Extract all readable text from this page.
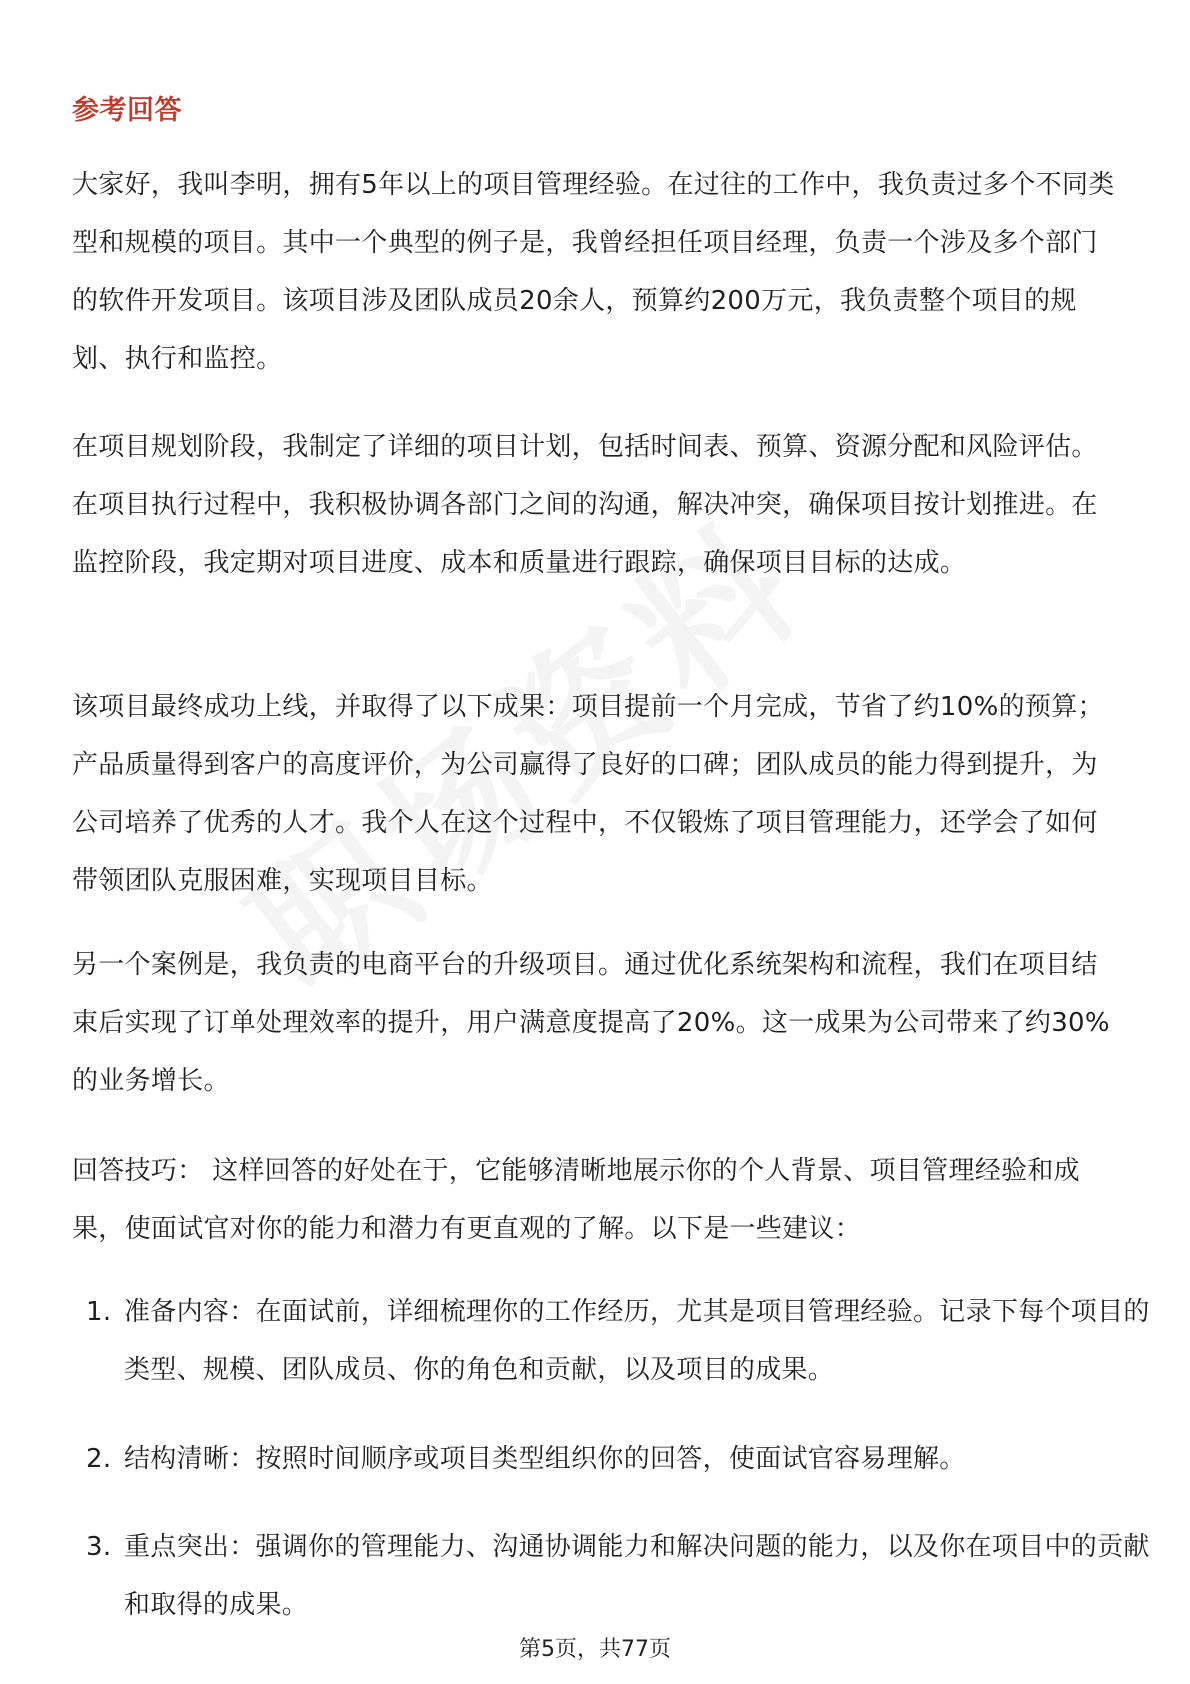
参考回答

大家好，我叫李明，拥有5年以上的项目管理经验。在过往的工作中，我负责过多个不同类型和规模的项目。其中一个典型的例子是，我曾经担任项目经理，负责一个涉及多个部门的软件开发项目。该项目涉及团队成员20余人，预算约200万元，我负责整个项目的规划、执行和监控。

在项目规划阶段，我制定了详细的项目计划，包括时间表、预算、资源分配和风险评估。在项目执行过程中，我积极协调各部门之间的沟通，解决冲突，确保项目按计划推进。在监控阶段，我定期对项目进度、成本和质量进行跟踪，确保项目目标的达成。

该项目最终成功上线，并取得了以下成果：项目提前一个月完成，节省了约10%的预算；产品质量得到客户的高度评价，为公司赢得了良好的口碑；团队成员的能力得到提升，为公司培养了优秀的人才。我个人在这个过程中，不仅锻炼了项目管理能力，还学会了如何带领团队克服困难，实现项目目标。

另一个案例是，我负责的电商平台的升级项目。通过优化系统架构和流程，我们在项目结束后实现了订单处理效率的提升，用户满意度提高了20%。这一成果为公司带来了约30%的业务增长。

回答技巧： 这样回答的好处在于，它能够清晰地展示你的个人背景、项目管理经验和成果，使面试官对你的能力和潜力有更直观的了解。以下是一些建议：

1. 准备内容：在面试前，详细梳理你的工作经历，尤其是项目管理经验。记录下每个项目的类型、规模、团队成员、你的角色和贡献，以及项目的成果。
2. 结构清晰：按照时间顺序或项目类型组织你的回答，使面试官容易理解。
3. 重点突出：强调你的管理能力、沟通协调能力和解决问题的能力，以及你在项目中的贡献和取得的成果。
第5页，共77页
